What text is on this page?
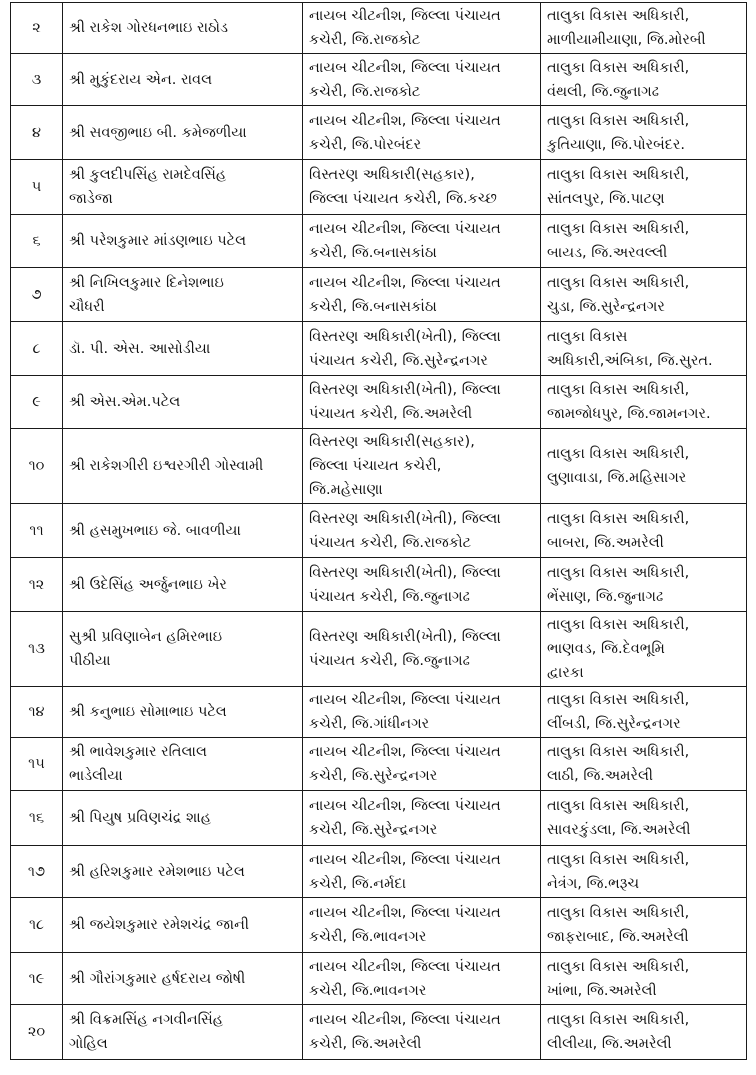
૨	શ્રી રાકેશ ગોરધનભાઇ રાઠોડ	નાયબ ચીટનીશ, જિલ્લા પંચાયત
કચેરી, જિ.રાજકોટ	તાલુકા વિકાસ અધિકારી,
માળીયામીયાણા, જિ.મોરબી

૩	શ્રી મુકુંદરાય એન. રાવલ	નાયબ ચીટનીશ, જિલ્લા પંચાયત
કચેરી, જિ.રાજકોટ	તાલુકા વિકાસ અધિકારી,
વંથલી, જિ.જુનાગઢ

૪	શ્રી સવજીભાઇ બી. કમેજળીયા	નાયબ ચીટનીશ, જિલ્લા પંચાયત
કચેરી, જિ.પોરબંદર	તાલુકા વિકાસ અધિકારી,
કુતિયાણા, જિ.પોરબંદર.

૫	શ્રી કુલદીપસિંહ રામદેવસિંહ
જાડેજા	વિસ્તરણ અધિકારી(સહકાર),
જિલ્લા પંચાયત કચેરી, જિ.કચ્છ	તાલુકા વિકાસ અધિકારી,
સાંતલપુર, જિ.પાટણ

૬	શ્રી પરેશકુમાર માંડણભાઇ પટેલ	નાયબ ચીટનીશ, જિલ્લા પંચાયત
કચેરી, જિ.બનાસકાંઠા	તાલુકા વિકાસ અધિકારી,
બાયડ, જિ.અરવલ્લી

૭	શ્રી નિખિલકુમાર દિનેશભાઇ
ચૌધરી	નાયબ ચીટનીશ, જિલ્લા પંચાયત
કચેરી, જિ.બનાસકાંઠા	તાલુકા વિકાસ અધિકારી,
ચુડા, જિ.સુરેન્દ્રનગર

૮	ડૉ. પી. એસ. આસોડીયા	વિસ્તરણ અધિકારી(ખેતી), જિલ્લા
પંચાયત કચેરી, જિ.સુરેન્દ્રનગર	તાલુકા વિકાસ
અધિકારી,અંબિકા, જિ.સુરત.

૯	શ્રી એસ.એમ.પટેલ	વિસ્તરણ અધિકારી(ખેતી), જિલ્લા
પંચાયત કચેરી, જિ.અમરેલી	તાલુકા વિકાસ અધિકારી,
જામજોધપુર, જિ.જામનગર.

૧૦	શ્રી રાકેશગીરી ઇશ્વરગીરી ગોસ્વામી	વિસ્તરણ અધિકારી(સહકાર),
જિલ્લા પંચાયત કચેરી,
જિ.મહેસાણા	તાલુકા વિકાસ અધિકારી,
લુણાવાડા, જિ.મહિસાગર

૧૧	શ્રી હસમુખભાઇ જે. બાવળીયા	વિસ્તરણ અધિકારી(ખેતી), જિલ્લા
પંચાયત કચેરી, જિ.રાજકોટ	તાલુકા વિકાસ અધિકારી,
બાબરા, જિ.અમરેલી

૧૨	શ્રી ઉદેસિંહ અર્જુનભાઇ ખેર	વિસ્તરણ અધિકારી(ખેતી), જિલ્લા
પંચાયત કચેરી, જિ.જુનાગઢ	તાલુકા વિકાસ અધિકારી,
ભેંસાણ, જિ.જુનાગઢ

૧૩	સુશ્રી પ્રવિણાબેન હમિરભાઇ
પીઠીયા	વિસ્તરણ અધિકારી(ખેતી), જિલ્લા
પંચાયત કચેરી, જિ.જુનાગઢ	તાલુકા વિકાસ અધિકારી,
ભાણવડ, જિ.દેવભૂમિ
દ્વારકા

૧૪	શ્રી કનુભાઇ સોમાભાઇ પટેલ	નાયબ ચીટનીશ, જિલ્લા પંચાયત
કચેરી, જિ.ગાંધીનગર	તાલુકા વિકાસ અધિકારી,
લીંબડી, જિ.સુરેન્દ્રનગર

૧૫	શ્રી ભાવેશકુમાર રતિલાલ
ભાડેલીયા	નાયબ ચીટનીશ, જિલ્લા પંચાયત
કચેરી, જિ.સુરેન્દ્રનગર	તાલુકા વિકાસ અધિકારી,
લાઠી, જિ.અમરેલી

૧૬	શ્રી પિયુષ પ્રવિણચંદ્ર શાહ	નાયબ ચીટનીશ, જિલ્લા પંચાયત
કચેરી, જિ.સુરેન્દ્રનગર	તાલુકા વિકાસ અધિકારી,
સાવરકુંડલા, જિ.અમરેલી

૧૭	શ્રી હરિશકુમાર રમેશભાઇ પટેલ	નાયબ ચીટનીશ, જિલ્લા પંચાયત
કચેરી, જિ.નર્મદા	તાલુકા વિકાસ અધિકારી,
નેત્રંગ, જિ.ભરૂચ

૧૮	શ્રી જયેશકુમાર રમેશચંદ્ર જાની	નાયબ ચીટનીશ, જિલ્લા પંચાયત
કચેરી, જિ.ભાવનગર	તાલુકા વિકાસ અધિકારી,
જાફરાબાદ, જિ.અમરેલી

૧૯	શ્રી ગૌરાંગકુમાર હર્ષદરાય જોષી	નાયબ ચીટનીશ, જિલ્લા પંચાયત
કચેરી, જિ.ભાવનગર	તાલુકા વિકાસ અધિકારી,
ખાંભા, જિ.અમરેલી

૨૦	શ્રી વિક્રમસિંહ નગવીનસિંહ
ગોહિલ	નાયબ ચીટનીશ, જિલ્લા પંચાયત
કચેરી, જિ.અમરેલી	તાલુકા વિકાસ અધિકારી,
લીલીયા, જિ.અમરેલી
